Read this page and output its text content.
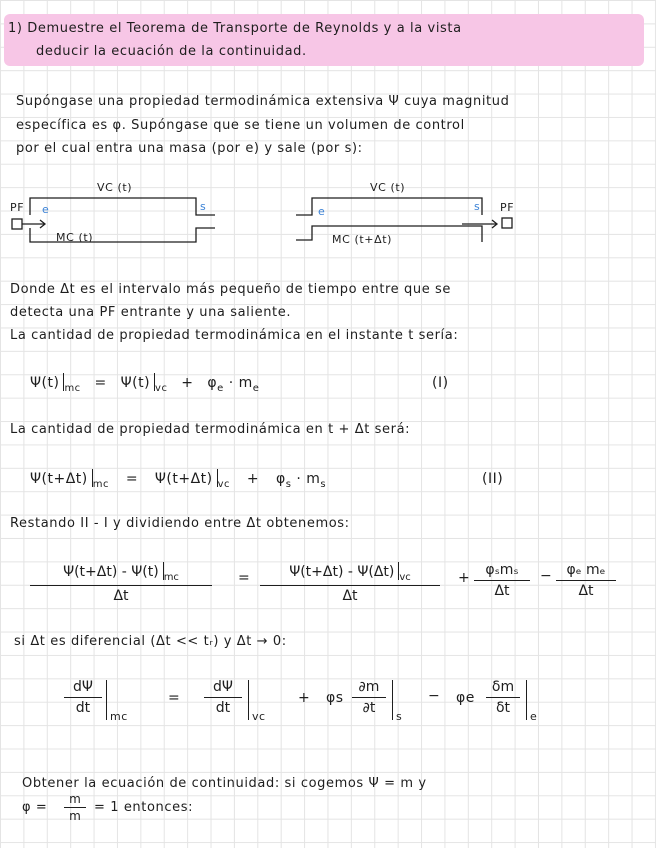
1) Demuestre el Teorema de Transporte de Reynolds y a la vista
deducir la ecuación de la continuidad.
Supóngase una propiedad termodinámica extensiva Ψ cuya magnitud
específica es φ. Supóngase que se tiene un volumen de control
por el cual entra una masa (por e) y sale (por s):
VC (t)
PF e	s
MC (t)
VC (t)
e	s PF
MC (t+Δt)
Donde Δt es el intervalo más pequeño de tiempo entre que se
detecta una PF entrante y una saliente.
La cantidad de propiedad termodinámica en el instante t sería:
Ψ(t) $_{mc}$ = Ψ(t) $_{vc} + \varphi_e \cdot m_e$	(I)
La cantidad de propiedad termodinámica en t + Δt será:
Ψ(t+Δt) $_{mc}$ = Ψ(t+Δt) $_{vc} + \varphi_s \cdot m_s$	(II)
Restando II - I y dividiendo entre Δt obtenemos:
Ψ(t+Δt) - Ψ(t) $_{mc}$
Δt
=	Ψ(t+Δt) - Ψ(Δt) $_{vc}$
Δt
+	φₛmₛ
Δt
−	φₑ mₑ
Δt
si Δt es diferencial (Δt << tᵣ) y Δt → 0:
dΨ
dt
mc
=
dΨ
dt
vc
+ φs
∂m
∂t
s
− φe
δm
δt
e
Obtener la ecuación de continuidad: si cogemos Ψ = m y
φ =
m
m
= 1 entonces:
